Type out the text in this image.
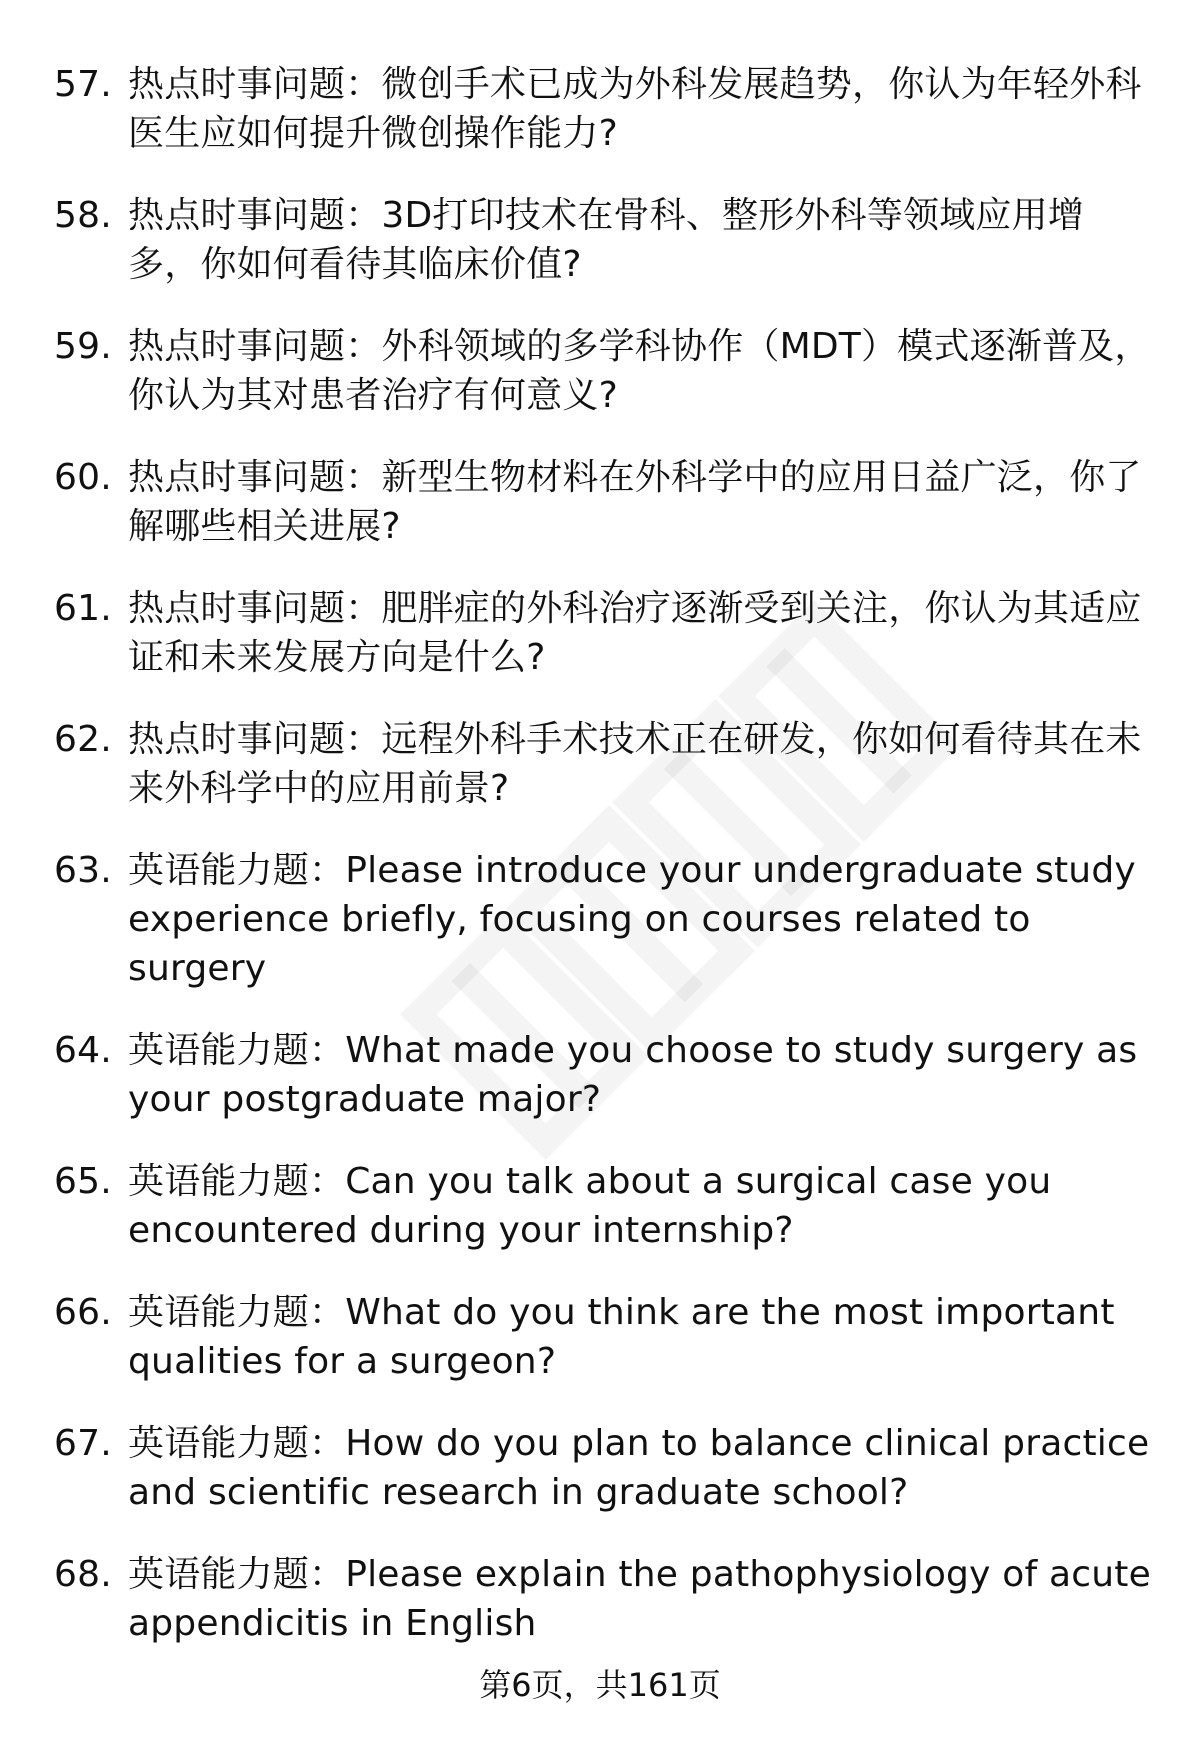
57. 热点时事问题：微创手术已成为外科发展趋势，你认为年轻外科医生应如何提升微创操作能力?
58. 热点时事问题：3D打印技术在骨科、整形外科等领域应用增多，你如何看待其临床价值?
59. 热点时事问题：外科领域的多学科协作（MDT）模式逐渐普及，你认为其对患者治疗有何意义?
60. 热点时事问题：新型生物材料在外科学中的应用日益广泛，你了解哪些相关进展?
61. 热点时事问题：肥胖症的外科治疗逐渐受到关注，你认为其适应证和未来发展方向是什么?
62. 热点时事问题：远程外科手术技术正在研发，你如何看待其在未来外科学中的应用前景?
63. 英语能力题：Please introduce your undergraduate study experience briefly, focusing on courses related to surgery
64. 英语能力题：What made you choose to study surgery as your postgraduate major?
65. 英语能力题：Can you talk about a surgical case you encountered during your internship?
66. 英语能力题：What do you think are the most important qualities for a surgeon?
67. 英语能力题：How do you plan to balance clinical practice and scientific research in graduate school?
68. 英语能力题：Please explain the pathophysiology of acute appendicitis in English
第6页，共161页
